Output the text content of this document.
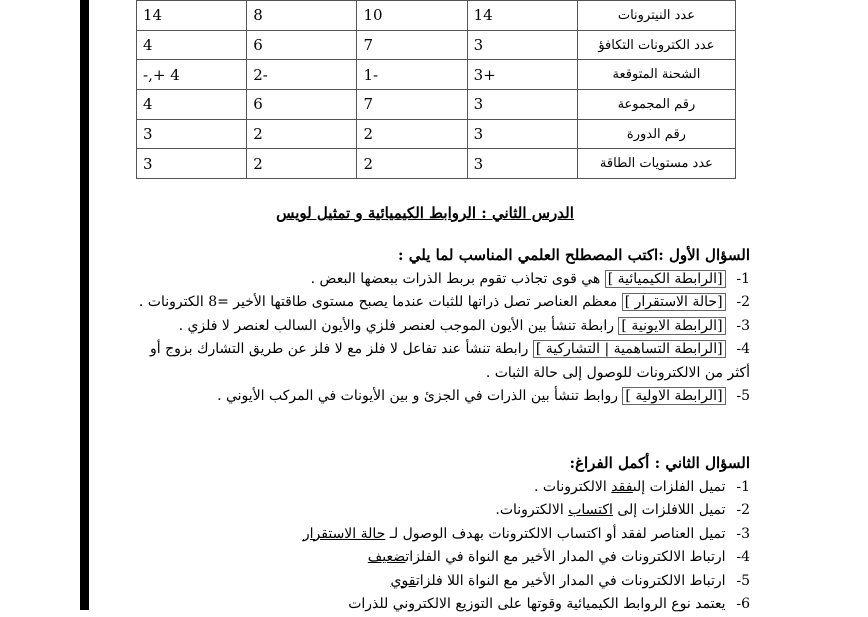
عدد النيترونات	14	10	8	14
عدد الكترونات التكافؤ	3	7	6	4
الشحنة المتوقعة	+3	-1	-2	4 +,-
رقم المجموعة	3	7	6	4
رقم الدورة	3	2	2	3
عدد مستويات الطاقة	3	2	2	3
الدرس الثاني : الروابط الكيميائية و تمثيل لويس
السؤال الأول :اكتب المصطلح العلمي المناسب لما يلي :
1- [الرابطة الكيميائية ] هي قوى تجاذب تقوم بربط الذرات ببعضها البعض .
2- [حالة الاستقرار ] معظم العناصر تصل ذراتها للثبات عندما يصبح مستوى طاقتها الأخير =8 الكترونات .
3- [الرابطة الايونية ] رابطة تنشأ بين الأيون الموجب لعنصر فلزي والأيون السالب لعنصر لا فلزي .
4- [الرابطة التساهمية | التشاركية ] رابطة تنشأ عند تفاعل لا فلز مع لا فلز عن طريق التشارك بزوج أو أكثر من الالكترونات للوصول إلى حالة الثبات .
5- [الرابطة الاولية ] روابط تنشأ بين الذرات في الجزئ و بين الأيونات في المركب الأيوني .
السؤال الثاني : أكمل الفراغ:
1- تميل الفلزات إلىفقد الالكترونات .
2- تميل اللافلزات إلى اكتساب الالكترونات.
3- تميل العناصر لفقد أو اكتساب الالكترونات بهدف الوصول لـ حالة الاستقرار
4- ارتباط الالكترونات في المدار الأخير مع النواة في الفلزاتضعيف
5- ارتباط الالكترونات في المدار الأخير مع النواة اللا فلزاتقوي
6- يعتمد نوع الروابط الكيميائية وقوتها على التوزيع الالكتروني للذرات
